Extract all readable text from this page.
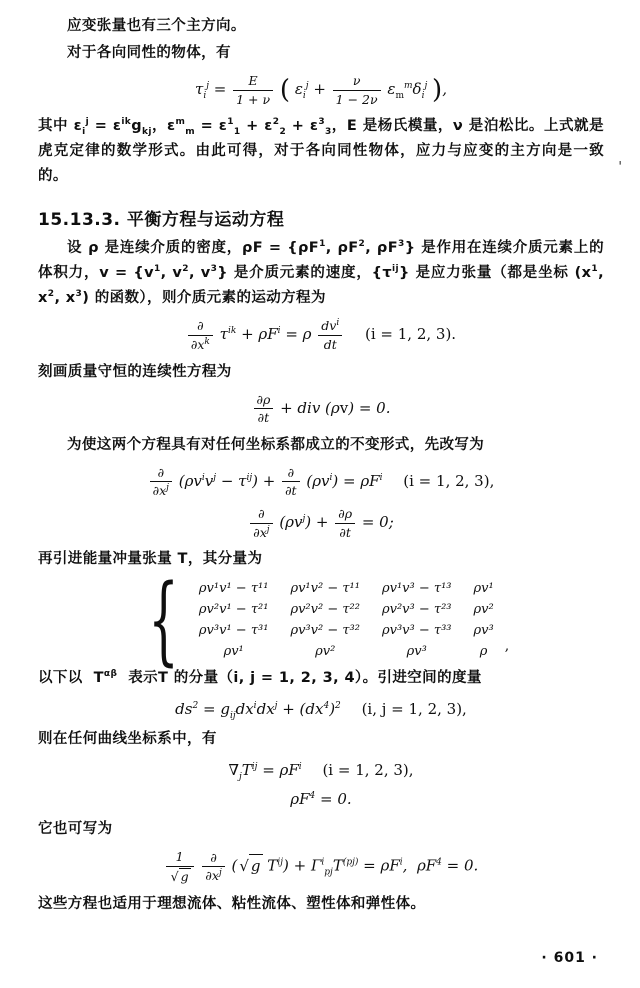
'

应变张量也有三个主方向。

对于各向同性的物体，有

$\tau_i^j = \frac{E}{1 + \nu}$ ( $\varepsilon_i^j + \frac{\nu}{1 - 2\nu} \varepsilon_m^m\delta_i^j$ ),

其中 $\varepsilon_i^j = \varepsilon^{ik}g_{kj}$，$\varepsilon^m_m = \varepsilon^1_1 + \varepsilon^2_2 + \varepsilon^3_3$，E 是杨氏模量，ν 是泊松比。上式就是虎克定律的数学形式。由此可得，对于各向同性物体，应力与应变的主方向是一致的。

15.13.3. 平衡方程与运动方程

设 ρ 是连续介质的密度，$\rho F = \{\rho F^1$, $\rho F^2$, $\rho F^3$} 是作用在连续介质元素上的体积力，$v = \{v^1$, $v^2$, $v^3$} 是介质元素的速度，$\{\tau^{ij}\}$ 是应力张量（都是坐标 ($x^1$, $x^2$, $x^3$) 的函数），则介质元素的运动方程为

$\frac{\partial}{\partial x^k} \tau^{ik} + \rho F^i = \rho \frac{dv^i}{dt} (i = 1$, 2, 3).

刻画质量守恒的连续性方程为

$\frac{\partial\rho}{\partial t}$ + div (ρv) = 0.

为使这两个方程具有对任何坐标系都成立的不变形式，先改写为

$\frac{\partial}{\partial x^j} (\rho v^iv^j - \tau^{ij}) + \frac{\partial}{\partial t} (\rho v^i) = \rho F^i$ (i = 1, 2, 3),
$\frac{\partial}{\partial x^j} (\rho v^j) + \frac{\partial\rho}{\partial t} = 0$;

再引进能量冲量张量 T，其分量为

{ ρv¹v¹ − τ¹¹	ρv¹v² − τ¹¹	ρv¹v³ − τ¹³	ρv¹
ρv²v¹ − τ²¹	ρv²v² − τ²²	ρv²v³ − τ²³	ρv²
ρv³v¹ − τ³¹	ρv³v² − τ³²	ρv³v³ − τ³³	ρv³
ρv¹	ρv²	ρv³	ρ ,

以下以  $T^{\alpha\beta}$  表示T 的分量（i, j = 1, 2, 3, 4）。引进空间的度量

$ds^2 = g_{ij}dx^idx^j + (dx^4)^2$ (i, j = 1, 2, 3),

则在任何曲线坐标系中，有

$\nabla_jT^{ij} = \rho F^i$ (i = 1, 2, 3),
$\rho F^4 = 0$.

它也可写为

$\frac{1}{√ g}$
$\frac{\partial}{\partial x^j}$ ( √ g $T^{ij}) + \Gamma^i_{pj}T^{(pj)} = \rho F^i$,  $\rho F^4 = 0$.

这些方程也适用于理想流体、粘性流体、塑性体和弹性体。

· 601 ·
